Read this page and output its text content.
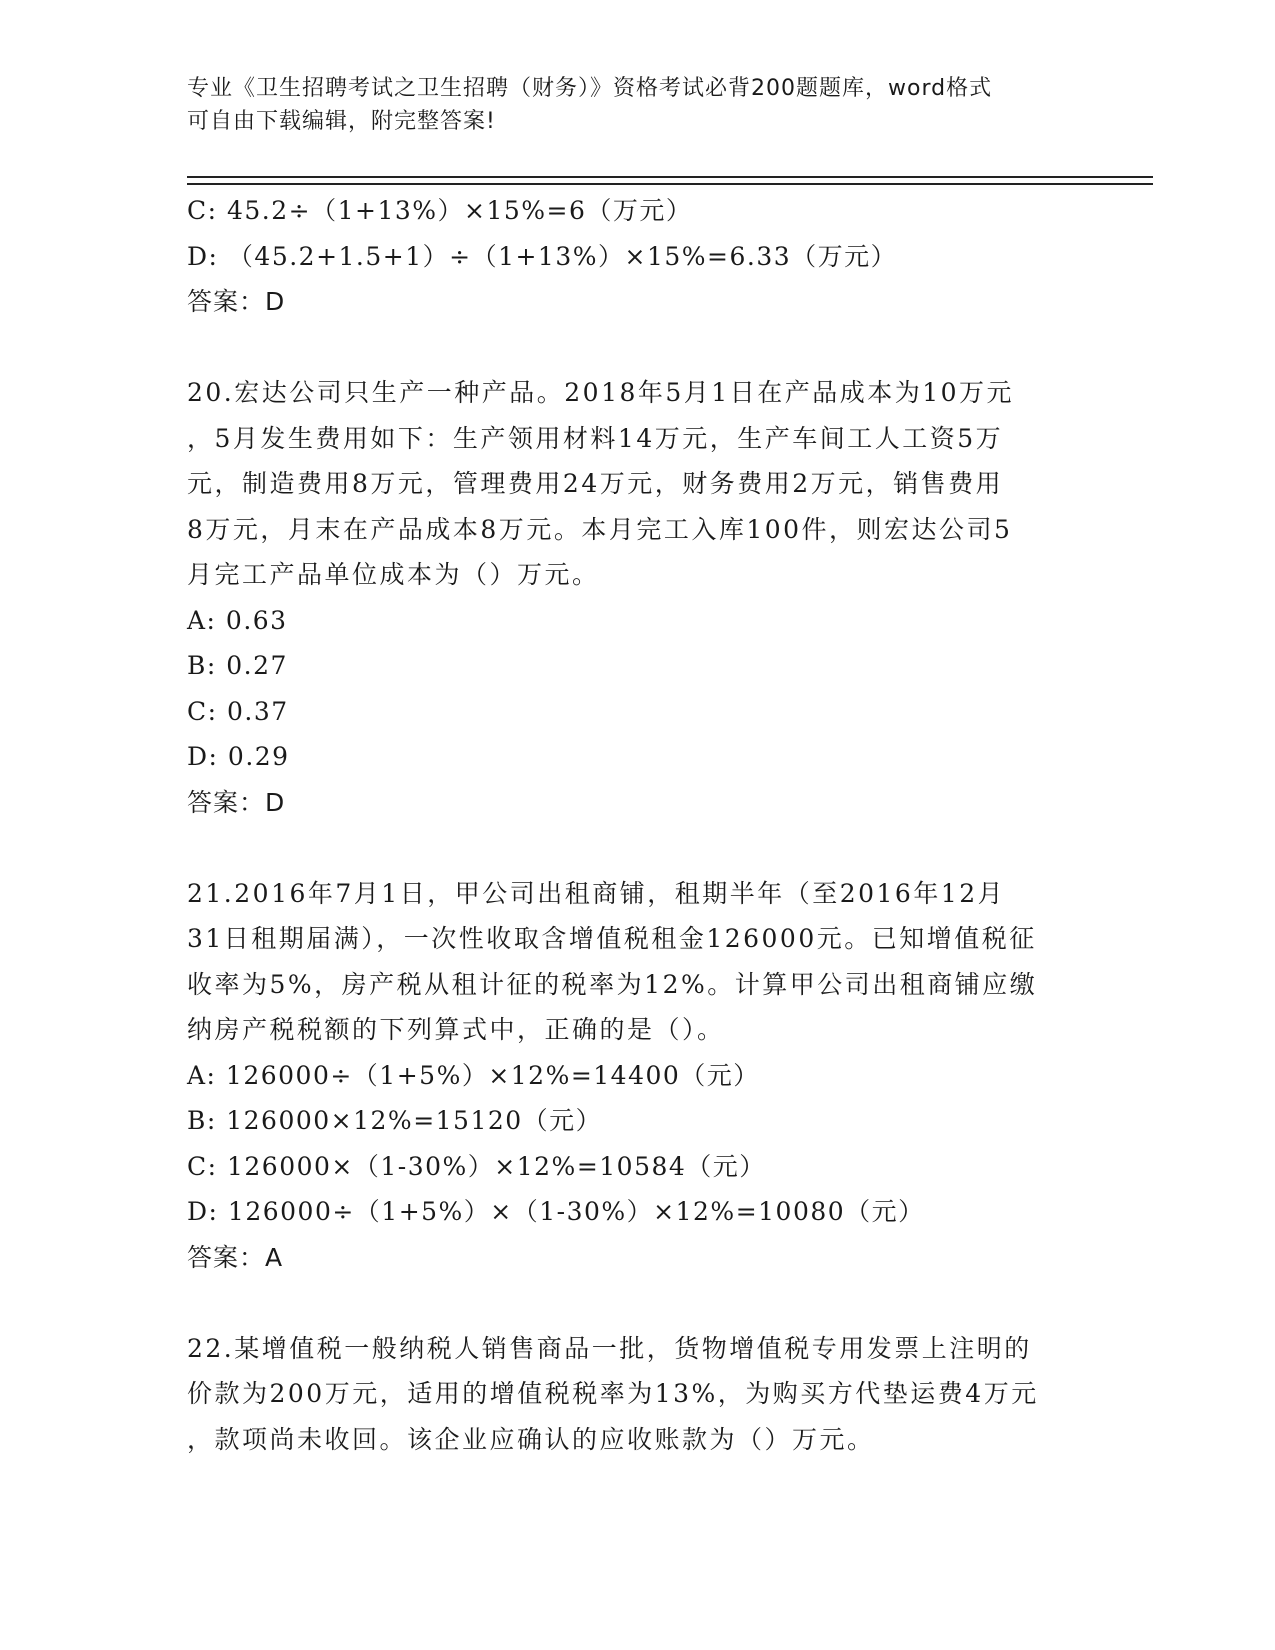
专业《卫生招聘考试之卫生招聘（财务）》资格考试必背200题题库，word格式
可自由下载编辑，附完整答案!
C: 45.2÷（1+13%）×15%=6（万元）
D: （45.2+1.5+1）÷（1+13%）×15%=6.33（万元）
答案：D
20.宏达公司只生产一种产品。2018年5月1日在产品成本为10万元
，5月发生费用如下：生产领用材料14万元，生产车间工人工资5万
元，制造费用8万元，管理费用24万元，财务费用2万元，销售费用
8万元，月末在产品成本8万元。本月完工入库100件，则宏达公司5
月完工产品单位成本为（）万元。
A: 0.63
B: 0.27
C: 0.37
D: 0.29
答案：D
21.2016年7月1日，甲公司出租商铺，租期半年（至2016年12月
31日租期届满），一次性收取含增值税租金126000元。已知增值税征
收率为5%，房产税从租计征的税率为12%。计算甲公司出租商铺应缴
纳房产税税额的下列算式中，正确的是（）。
A: 126000÷（1+5%）×12%=14400（元）
B: 126000×12%=15120（元）
C: 126000×（1-30%）×12%=10584（元）
D: 126000÷（1+5%）×（1-30%）×12%=10080（元）
答案：A
22.某增值税一般纳税人销售商品一批，货物增值税专用发票上注明的
价款为200万元，适用的增值税税率为13%，为购买方代垫运费4万元
，款项尚未收回。该企业应确认的应收账款为（）万元。
